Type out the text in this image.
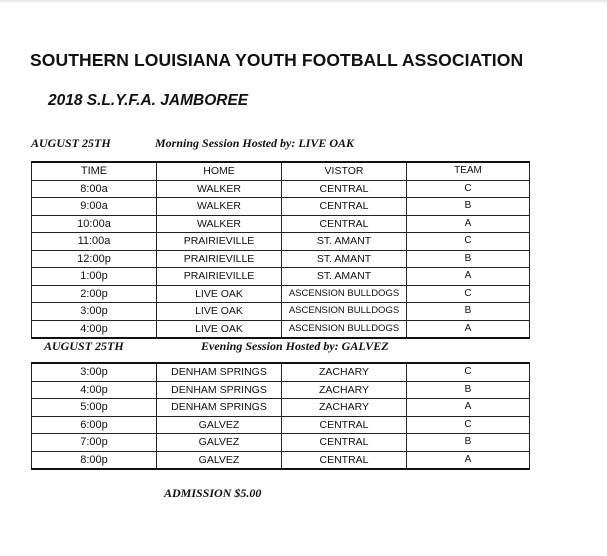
SOUTHERN LOUISIANA YOUTH FOOTBALL ASSOCIATION
2018 S.L.Y.F.A. JAMBOREE
AUGUST 25TH	Morning Session Hosted by: LIVE OAK
TIME	HOME	VISTOR	TEAM
8:00a	WALKER	CENTRAL	C
9:00a	WALKER	CENTRAL	B
10:00a	WALKER	CENTRAL	A
11:00a	PRAIRIEVILLE	ST. AMANT	C
12:00p	PRAIRIEVILLE	ST. AMANT	B
1:00p	PRAIRIEVILLE	ST. AMANT	A
2:00p	LIVE OAK	ASCENSION BULLDOGS	C
3:00p	LIVE OAK	ASCENSION BULLDOGS	B
4:00p	LIVE OAK	ASCENSION BULLDOGS	A
AUGUST 25TH	Evening Session Hosted by: GALVEZ
3:00p	DENHAM SPRINGS	ZACHARY	C
4:00p	DENHAM SPRINGS	ZACHARY	B
5:00p	DENHAM SPRINGS	ZACHARY	A
6:00p	GALVEZ	CENTRAL	C
7:00p	GALVEZ	CENTRAL	B
8:00p	GALVEZ	CENTRAL	A
ADMISSION $5.00
